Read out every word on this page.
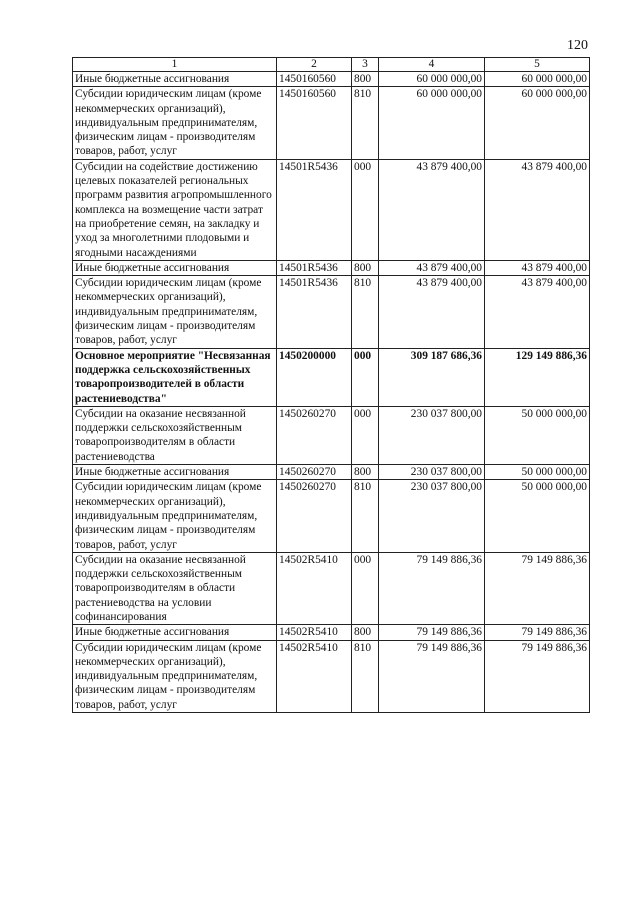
120
1	2	3	4	5
Иные бюджетные ассигнования	1450160560	800	60 000 000,00	60 000 000,00
Субсидии юридическим лицам (кроме некоммерческих организаций), индивидуальным предпринимателям, физическим лицам - производителям товаров, работ, услуг	1450160560	810	60 000 000,00	60 000 000,00
Субсидии на содействие достижению целевых показателей региональных программ развития агропромышленного комплекса на возмещение части затрат на приобретение семян, на закладку и уход за многолетними плодовыми и ягодными насаждениями	14501R5436	000	43 879 400,00	43 879 400,00
Иные бюджетные ассигнования	14501R5436	800	43 879 400,00	43 879 400,00
Субсидии юридическим лицам (кроме некоммерческих организаций), индивидуальным предпринимателям, физическим лицам - производителям товаров, работ, услуг	14501R5436	810	43 879 400,00	43 879 400,00
Основное мероприятие "Несвязанная поддержка сельскохозяйственных товаропроизводителей в области растениеводства"	1450200000	000	309 187 686,36	129 149 886,36
Субсидии на оказание несвязанной поддержки сельскохозяйственным товаропроизводителям в области растениеводства	1450260270	000	230 037 800,00	50 000 000,00
Иные бюджетные ассигнования	1450260270	800	230 037 800,00	50 000 000,00
Субсидии юридическим лицам (кроме некоммерческих организаций), индивидуальным предпринимателям, физическим лицам - производителям товаров, работ, услуг	1450260270	810	230 037 800,00	50 000 000,00
Субсидии на оказание несвязанной поддержки сельскохозяйственным товаропроизводителям в области растениеводства на условии софинансирования	14502R5410	000	79 149 886,36	79 149 886,36
Иные бюджетные ассигнования	14502R5410	800	79 149 886,36	79 149 886,36
Субсидии юридическим лицам (кроме некоммерческих организаций), индивидуальным предпринимателям, физическим лицам - производителям товаров, работ, услуг	14502R5410	810	79 149 886,36	79 149 886,36
